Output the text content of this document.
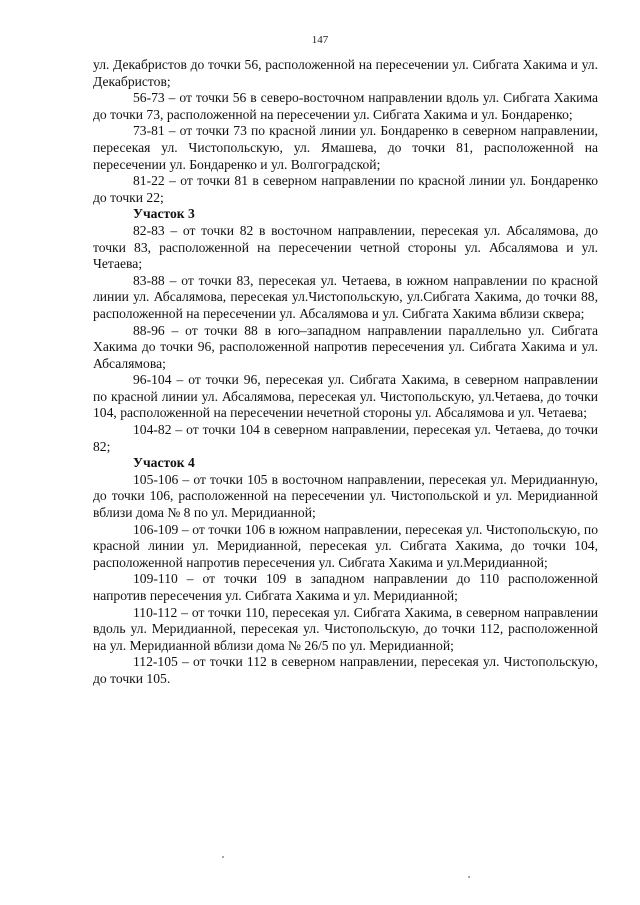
147

ул. Декабристов до точки 56, расположенной на пересечении ул. Сибгата Хакима и ул. Декабристов;

56-73 – от точки 56 в северо-восточном направлении вдоль ул. Сибгата Хакима до точки 73, расположенной на пересечении ул. Сибгата Хакима и ул. Бондаренко;

73-81 – от точки 73 по красной линии ул. Бондаренко в северном направлении, пересекая ул. Чистопольскую, ул. Ямашева, до точки 81, расположенной на пересечении ул. Бондаренко и ул. Волгоградской;

81-22 – от точки 81 в северном направлении по красной линии ул. Бондаренко до точки 22;

Участок 3

82-83 – от точки 82 в восточном направлении, пересекая ул. Абсалямова, до точки 83, расположенной на пересечении четной стороны ул. Абсалямова и ул. Четаева;

83-88 – от точки 83, пересекая ул. Четаева, в южном направлении по красной линии ул. Абсалямова, пересекая ул.Чистопольскую, ул.Сибгата Хакима, до точки 88, расположенной на пересечении ул. Абсалямова и ул. Сибгата Хакима вблизи сквера;

88-96 – от точки 88 в юго–западном направлении параллельно ул. Сибгата Хакима до точки 96, расположенной напротив пересечения ул. Сибгата Хакима и ул. Абсалямова;

96-104 – от точки 96, пересекая ул. Сибгата Хакима, в северном направлении по красной линии ул. Абсалямова, пересекая ул. Чистопольскую, ул.Четаева, до точки 104, расположенной на пересечении нечетной стороны ул. Абсалямова и ул. Четаева;

104-82 – от точки 104 в северном направлении, пересекая ул. Четаева, до точки 82;

Участок 4

105-106 – от точки 105 в восточном направлении, пересекая ул. Меридианную, до точки 106, расположенной на пересечении ул. Чистопольской и ул. Меридианной вблизи дома № 8 по ул. Меридианной;

106-109 – от точки 106 в южном направлении, пересекая ул. Чистопольскую, по красной линии ул. Меридианной, пересекая ул. Сибгата Хакима, до точки 104, расположенной напротив пересечения ул. Сибгата Хакима и ул.Меридианной;

109-110 – от точки 109 в западном направлении до 110 расположенной напротив пересечения ул. Сибгата Хакима и ул. Меридианной;

110-112 – от точки 110, пересекая ул. Сибгата Хакима, в северном направлении вдоль ул. Меридианной, пересекая ул. Чистопольскую, до точки 112, расположенной на ул. Меридианной вблизи дома № 26/5 по ул. Меридианной;

112-105 – от точки 112 в северном направлении, пересекая ул. Чистопольскую, до точки 105.
